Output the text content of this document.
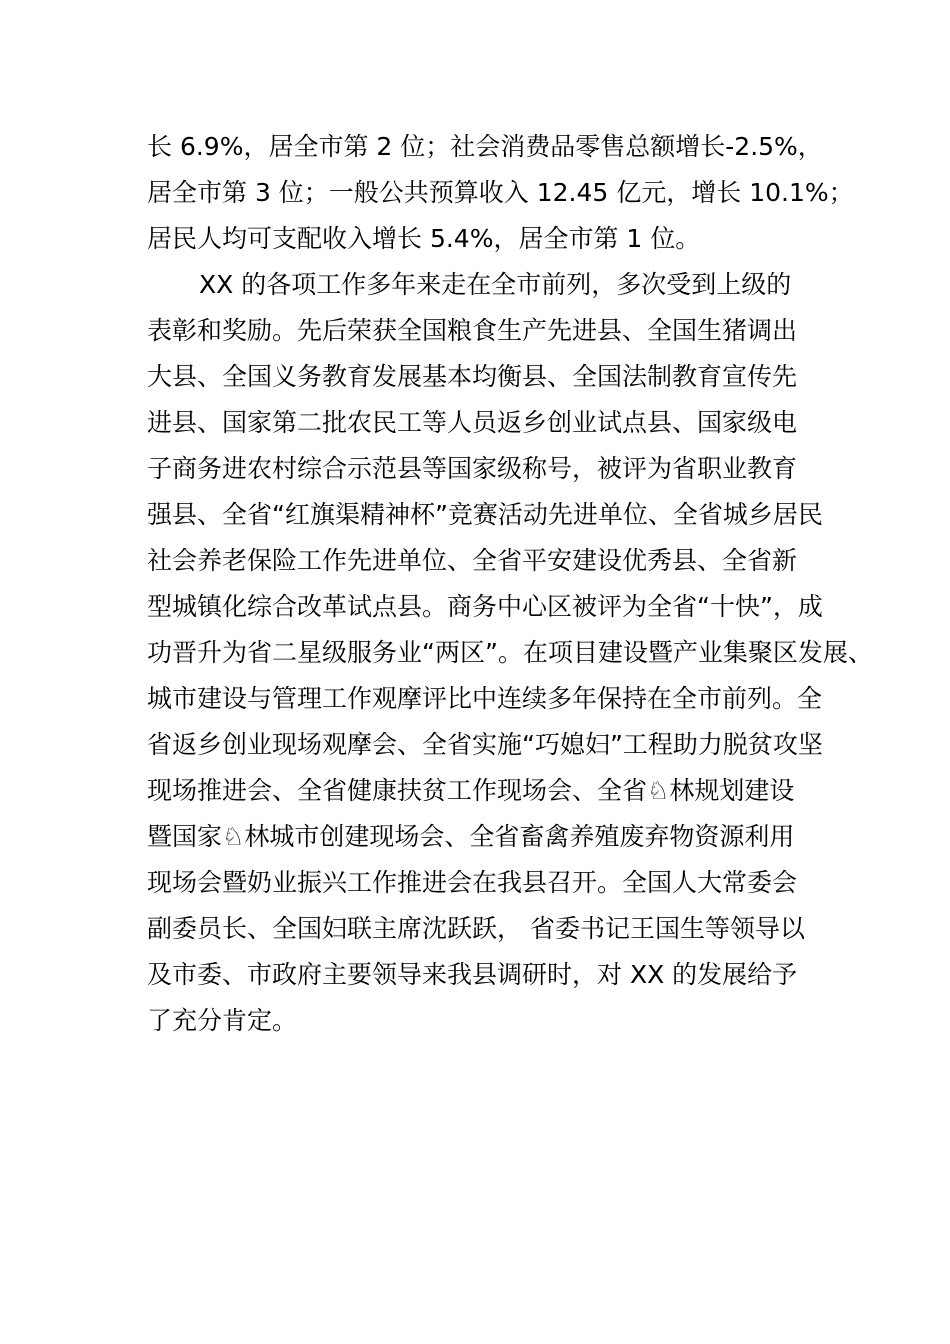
长 6.9%，居全市第 2 位；社会消费品零售总额增长-2.5%，
居全市第 3 位；一般公共预算收入 12.45 亿元，增长 10.1%；
居民人均可支配收入增长 5.4%，居全市第 1 位。
XX 的各项工作多年来走在全市前列，多次受到上级的
表彰和奖励。先后荣获全国粮食生产先进县、全国生猪调出
大县、全国义务教育发展基本均衡县、全国法制教育宣传先
进县、国家第二批农民工等人员返乡创业试点县、国家级电
子商务进农村综合示范县等国家级称号，被评为省职业教育
强县、全省“红旗渠精神杯”竞赛活动先进单位、全省城乡居民
社会养老保险工作先进单位、全省平安建设优秀县、全省新
型城镇化综合改革试点县。商务中心区被评为全省“十快”，成
功晋升为省二星级服务业“两区”。在项目建设暨产业集聚区发展、
城市建设与管理工作观摩评比中连续多年保持在全市前列。全
省返乡创业现场观摩会、全省实施“巧媳妇”工程助力脱贫攻坚
现场推进会、全省健康扶贫工作现场会、全省♘林规划建设
暨国家♘林城市创建现场会、全省畜禽养殖废弃物资源利用
现场会暨奶业振兴工作推进会在我县召开。全国人大常委会
副委员长、全国妇联主席沈跃跃， 省委书记王国生等领导以
及市委、市政府主要领导来我县调研时，对 XX 的发展给予
了充分肯定。
